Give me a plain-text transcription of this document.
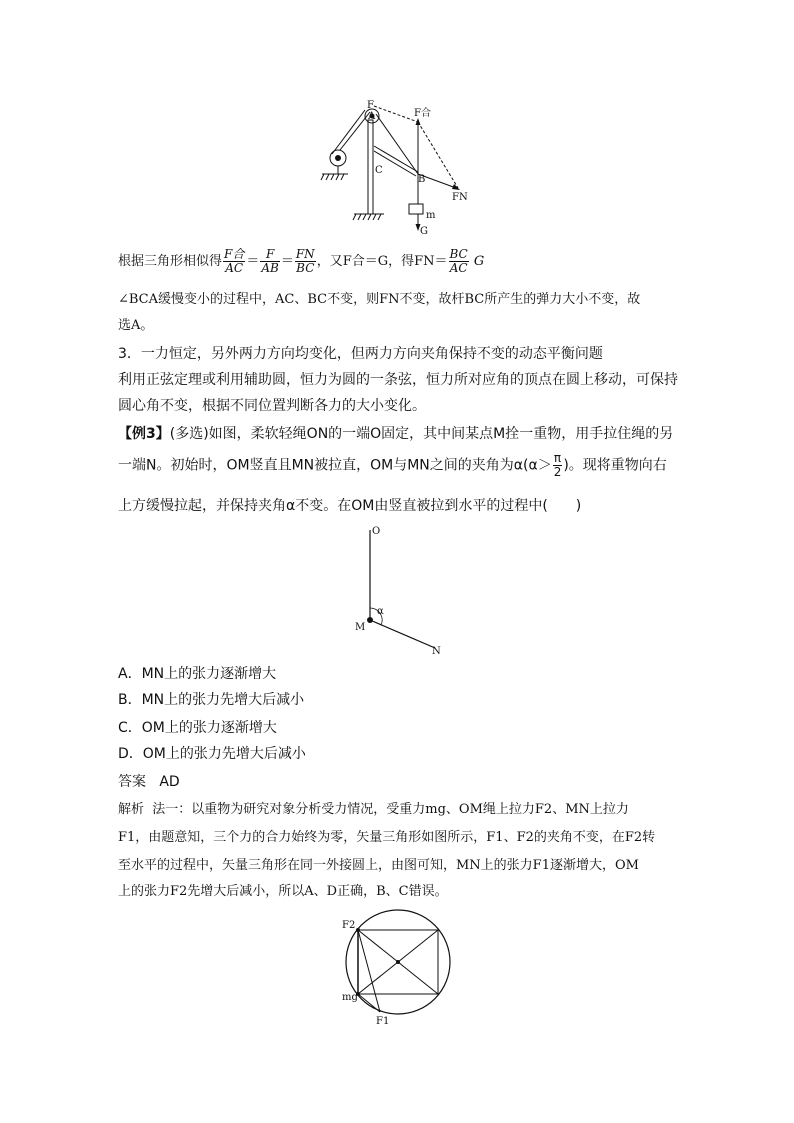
F
A	F合
C
B
FN
m
G
根据三角形相似得 $\frac{\text{F合}}{AC} = \frac{F}{AB} = \frac{FN}{BC}$ ，又F合＝G，得$FN= \frac{BC}{AC}$ G
∠BCA缓慢变小的过程中，AC、BC不变，则FN不变，故杆BC所产生的弹力大小不变，故
选A。
3．一力恒定，另外两力方向均变化，但两力方向夹角保持不变的动态平衡问题
利用正弦定理或利用辅助圆，恒力为圆的一条弦，恒力所对应角的顶点在圆上移动，可保持
圆心角不变，根据不同位置判断各力的大小变化。
【例3】(多选)如图，柔软轻绳ON的一端O固定，其中间某点M拴一重物，用手拉住绳的另
一端N。初始时，OM竖直且MN被拉直，OM与MN之间的夹角为$\alpha(\alpha> \frac{\pi}{2}$ )。现将重物向右
上方缓慢拉起，并保持夹角α不变。在OM由竖直被拉到水平的过程中(　　)
O
M
N
α
A．MN上的张力逐渐增大
B．MN上的张力先增大后减小
C．OM上的张力逐渐增大
D．OM上的张力先增大后减小
答案 AD
解析 法一：以重物为研究对象分析受力情况，受重力mg、OM绳上拉力F2、MN上拉力
F1，由题意知，三个力的合力始终为零，矢量三角形如图所示，F1、F2的夹角不变，在F2转
至水平的过程中，矢量三角形在同一外接圆上，由图可知，MN上的张力F1逐渐增大，OM
上的张力F2先增大后减小，所以A、D正确，B、C错误。
F2
mg
F1
